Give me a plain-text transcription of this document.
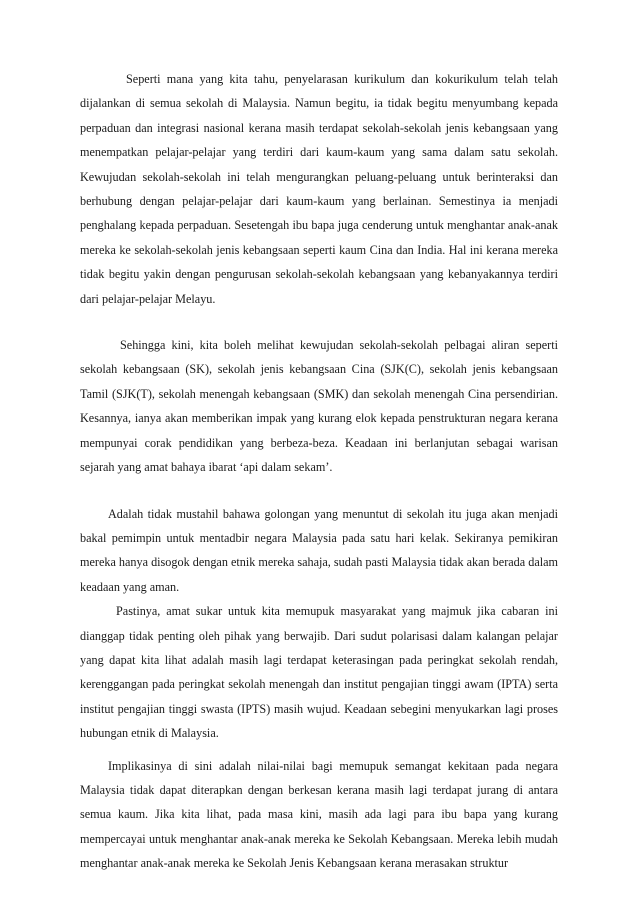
Seperti mana yang kita tahu, penyelarasan kurikulum dan kokurikulum telah telah dijalankan di semua sekolah di Malaysia. Namun begitu, ia tidak begitu menyumbang kepada perpaduan dan integrasi nasional kerana masih terdapat sekolah-sekolah jenis kebangsaan yang menempatkan pelajar-pelajar yang terdiri dari kaum-kaum yang sama dalam satu sekolah. Kewujudan sekolah-sekolah ini telah mengurangkan peluang-peluang untuk berinteraksi dan berhubung dengan pelajar-pelajar dari kaum-kaum yang berlainan. Semestinya ia menjadi penghalang kepada perpaduan. Sesetengah ibu bapa juga cenderung untuk menghantar anak-anak mereka ke sekolah-sekolah jenis kebangsaan seperti kaum Cina dan India. Hal ini kerana mereka tidak begitu yakin dengan pengurusan sekolah-sekolah kebangsaan yang kebanyakannya terdiri dari pelajar-pelajar Melayu.

Sehingga kini, kita boleh melihat kewujudan sekolah-sekolah pelbagai aliran seperti sekolah kebangsaan (SK), sekolah jenis kebangsaan Cina (SJK(C), sekolah jenis kebangsaan Tamil (SJK(T), sekolah menengah kebangsaan (SMK) dan sekolah menengah Cina persendirian. Kesannya, ianya akan memberikan impak yang kurang elok kepada penstrukturan negara kerana mempunyai corak pendidikan yang berbeza-beza. Keadaan ini berlanjutan sebagai warisan sejarah yang amat bahaya ibarat ‘api dalam sekam’.

Adalah tidak mustahil bahawa golongan yang menuntut di sekolah itu juga akan menjadi bakal pemimpin untuk mentadbir negara Malaysia pada satu hari kelak. Sekiranya pemikiran mereka hanya disogok dengan etnik mereka sahaja, sudah pasti Malaysia tidak akan berada dalam keadaan yang aman.

Pastinya, amat sukar untuk kita memupuk masyarakat yang majmuk jika cabaran ini dianggap tidak penting oleh pihak yang berwajib. Dari sudut polarisasi dalam kalangan pelajar yang dapat kita lihat adalah masih lagi terdapat keterasingan pada peringkat sekolah rendah, kerenggangan pada peringkat sekolah menengah dan institut pengajian tinggi awam (IPTA) serta institut pengajian tinggi swasta (IPTS) masih wujud. Keadaan sebegini menyukarkan lagi proses hubungan etnik di Malaysia.

Implikasinya di sini adalah nilai-nilai bagi memupuk semangat kekitaan pada negara Malaysia tidak dapat diterapkan dengan berkesan kerana masih lagi terdapat jurang di antara semua kaum. Jika kita lihat, pada masa kini, masih ada lagi para ibu bapa yang kurang mempercayai untuk menghantar anak-anak mereka ke Sekolah Kebangsaan. Mereka lebih mudah menghantar anak-anak mereka ke Sekolah Jenis Kebangsaan kerana merasakan struktur
